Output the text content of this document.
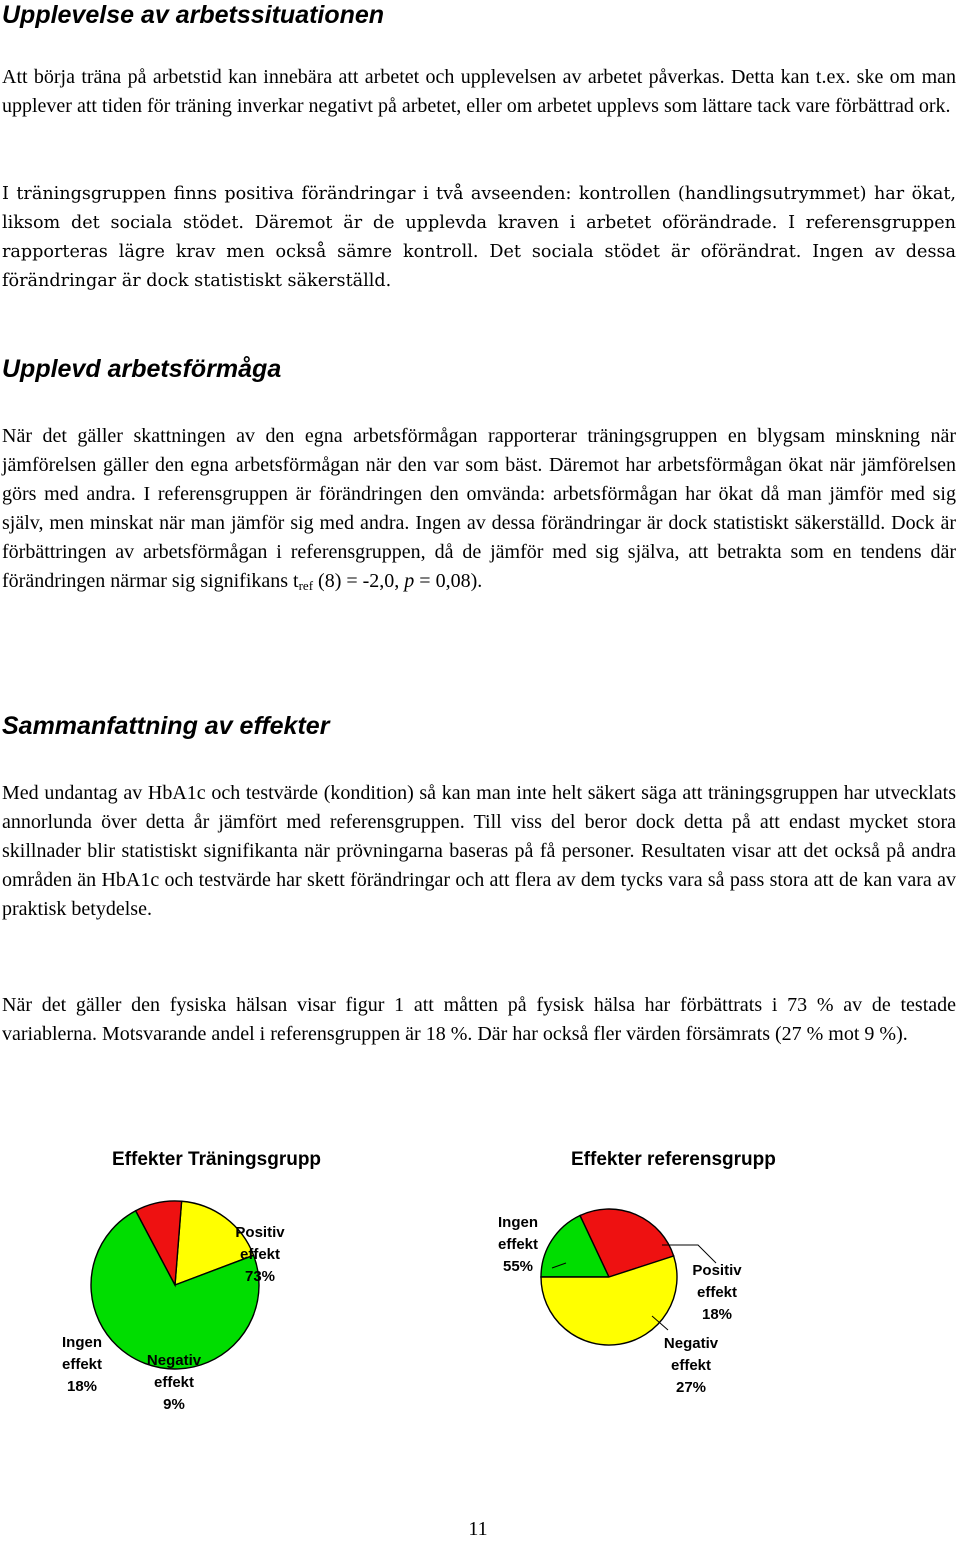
Upplevelse av arbetssituationen

Att börja träna på arbetstid kan innebära att arbetet och upplevelsen av arbetet påverkas. Detta kan t.ex. ske om man upplever att tiden för träning inverkar negativt på arbetet, eller om arbetet upplevs som lättare tack vare förbättrad ork.

I träningsgruppen finns positiva förändringar i två avseenden: kontrollen (handlingsutrymmet) har ökat, liksom det sociala stödet. Däremot är de upplevda kraven i arbetet oförändrade. I referensgruppen rapporteras lägre krav men också sämre kontroll. Det sociala stödet är oförändrat. Ingen av dessa förändringar är dock statistiskt säkerställd.

Upplevd arbetsförmåga

När det gäller skattningen av den egna arbetsförmågan rapporterar träningsgruppen en blygsam minskning när jämförelsen gäller den egna arbetsförmågan när den var som bäst. Däremot har arbetsförmågan ökat när jämförelsen görs med andra. I referensgruppen är förändringen den omvända: arbetsförmågan har ökat då man jämför med sig själv, men minskat när man jämför sig med andra. Ingen av dessa förändringar är dock statistiskt säkerställd. Dock är förbättringen av arbetsförmågan i referensgruppen, då de jämför med sig själva, att betrakta som en tendens där förändringen närmar sig signifikans $t_{ref}$ (8) = -2,0, p = 0,08).

Sammanfattning av effekter

Med undantag av HbA1c och testvärde (kondition) så kan man inte helt säkert säga att träningsgruppen har utvecklats annorlunda över detta år jämfört med referensgruppen. Till viss del beror dock detta på att endast mycket stora skillnader blir statistiskt signifikanta när prövningarna baseras på få personer. Resultaten visar att det också på andra områden än HbA1c och testvärde har skett förändringar och att flera av dem tycks vara så pass stora att de kan vara av praktisk betydelse.

När det gäller den fysiska hälsan visar figur 1 att måtten på fysisk hälsa har förbättrats i 73 % av de testade variablerna. Motsvarande andel i referensgruppen är 18 %. Där har också fler värden försämrats (27 % mot 9 %).

Effekter Träningsgrupp
Positiv
effekt
73%
Negativ
effekt
9%
Ingen
effekt
18%
Effekter referensgrupp
Positiv
effekt
18%
Negativ
effekt
27%
Ingen
effekt
55%
11
